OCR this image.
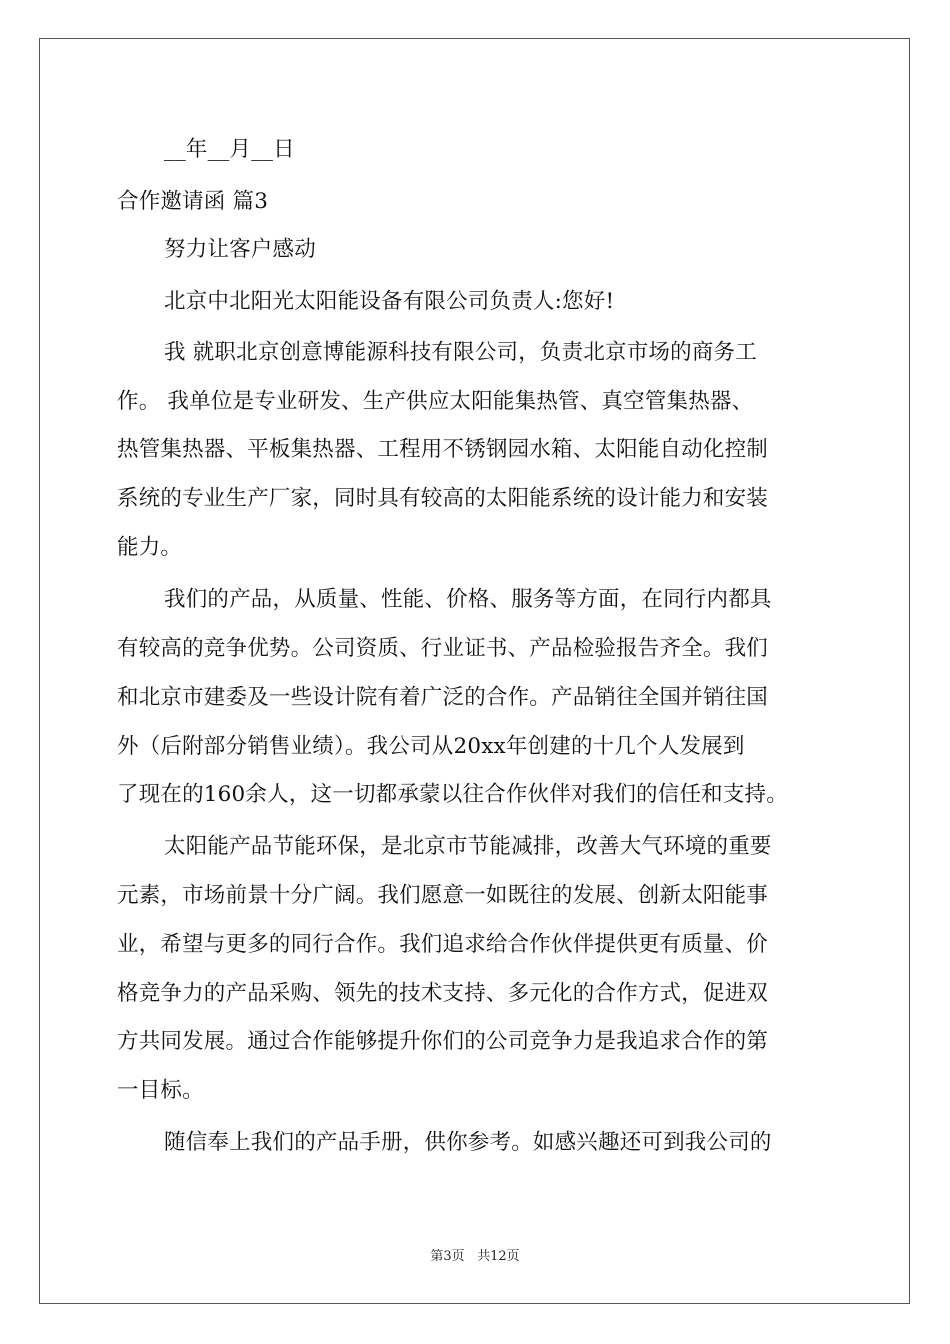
__年__月__日
合作邀请函 篇3
努力让客户感动
北京中北阳光太阳能设备有限公司负责人:您好!
我 就职北京创意博能源科技有限公司，负责北京市场的商务工
作。 我单位是专业研发、生产供应太阳能集热管、真空管集热器、
热管集热器、平板集热器、工程用不锈钢园水箱、太阳能自动化控制
系统的专业生产厂家，同时具有较高的太阳能系统的设计能力和安装
能力。
我们的产品，从质量、性能、价格、服务等方面，在同行内都具
有较高的竞争优势。公司资质、行业证书、产品检验报告齐全。我们
和北京市建委及一些设计院有着广泛的合作。产品销往全国并销往国
外（后附部分销售业绩）。我公司从20xx年创建的十几个人发展到
了现在的160余人，这一切都承蒙以往合作伙伴对我们的信任和支持。
太阳能产品节能环保，是北京市节能减排，改善大气环境的重要
元素，市场前景十分广阔。我们愿意一如既往的发展、创新太阳能事
业，希望与更多的同行合作。我们追求给合作伙伴提供更有质量、价
格竞争力的产品采购、领先的技术支持、多元化的合作方式，促进双
方共同发展。通过合作能够提升你们的公司竞争力是我追求合作的第
一目标。
随信奉上我们的产品手册，供你参考。如感兴趣还可到我公司的
第3页 共12页
